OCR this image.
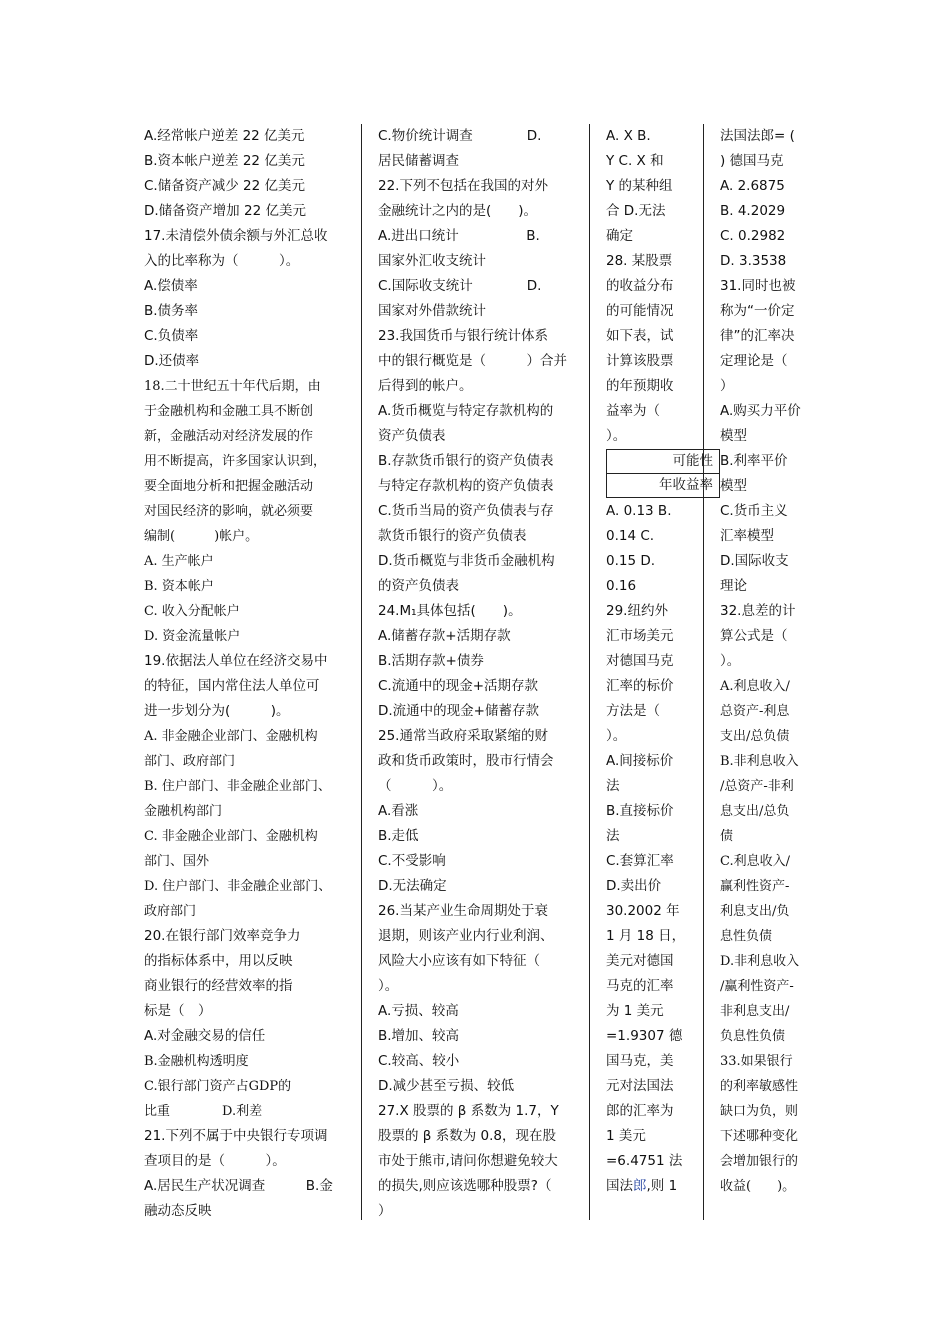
A.经常帐户逆差 22 亿美元
B.资本帐户逆差 22 亿美元
C.储备资产减少 22 亿美元
D.储备资产增加 22 亿美元
17.未清偿外债余额与外汇总收
入的比率称为（　　　）。
A.偿债率
B.债务率
C.负债率
D.还债率
18.二十世纪五十年代后期，由
于金融机构和金融工具不断创
新，金融活动对经济发展的作
用不断提高，许多国家认识到，
要全面地分析和把握金融活动
对国民经济的影响，就必须要
编制(　　　)帐户。
A. 生产帐户
B. 资本帐户
C. 收入分配帐户
D. 资金流量帐户
19.依据法人单位在经济交易中
的特征，国内常住法人单位可
进一步划分为(　　　)。
A. 非金融企业部门、金融机构
部门、政府部门
B. 住户部门、非金融企业部门、
金融机构部门
C. 非金融企业部门、金融机构
部门、国外
D. 住户部门、非金融企业部门、
政府部门
20.在银行部门效率竞争力
的指标体系中，用以反映
商业银行的经营效率的指
标是（　）
A.对金融交易的信任
B.金融机构透明度
C.银行部门资产占GDP的
比重　　　　D.利差
21.下列不属于中央银行专项调
查项目的是（　　　）。
A.居民生产状况调查　　　B.金
融动态反映
C.物价统计调查　　　　D.
居民储蓄调查
22.下列不包括在我国的对外
金融统计之内的是(　　)。
A.进出口统计　　　　　B.
国家外汇收支统计
C.国际收支统计　　　　D.
国家对外借款统计
23.我国货币与银行统计体系
中的银行概览是（　　　）合并
后得到的帐户。
A.货币概览与特定存款机构的
资产负债表
B.存款货币银行的资产负债表
与特定存款机构的资产负债表
C.货币当局的资产负债表与存
款货币银行的资产负债表
D.货币概览与非货币金融机构
的资产负债表
24.M₁具体包括(　　)。
A.储蓄存款+活期存款
B.活期存款+债券
C.流通中的现金+活期存款
D.流通中的现金+储蓄存款
25.通常当政府采取紧缩的财
政和货币政策时，股市行情会
（　　　）。
A.看涨
B.走低
C.不受影响
D.无法确定
26.当某产业生命周期处于衰
退期，则该产业内行业利润、
风险大小应该有如下特征（
）。
A.亏损、较高
B.增加、较高
C.较高、较小
D.减少甚至亏损、较低
27.X 股票的 β 系数为 1.7，Y
股票的 β 系数为 0.8，现在股
市处于熊市,请问你想避免较大
的损失,则应该选哪种股票?（
）
A. X B.
Y C. X 和
Y 的某种组
合 D.无法
确定
28. 某股票
的收益分布
的可能情况
如下表，试
计算该股票
的年预期收
益率为（
）。
A. 0.13 B.
0.14 C.
0.15 D.
0.16
29.纽约外
汇市场美元
对德国马克
汇率的标价
方法是（
）。
A.间接标价
法
B.直接标价
法
C.套算汇率
D.卖出价
30.2002 年
1 月 18 日，
美元对德国
马克的汇率
为 1 美元
=1.9307 德
国马克，美
元对法国法
郎的汇率为
1 美元
=6.4751 法
国法郎,则 1
法国法郎= (
) 德国马克
A. 2.6875
B. 4.2029
C. 0.2982
D. 3.3538
31.同时也被
称为“一价定
律”的汇率决
定理论是（
）
A.购买力平价
模型
B.利率平价
模型
C.货币主义
汇率模型
D.国际收支
理论
32.息差的计
算公式是（
）。
A.利息收入/
总资产-利息
支出/总负债
B.非利息收入
/总资产-非利
息支出/总负
债
C.利息收入/
赢利性资产-
利息支出/负
息性负债
D.非利息收入
/赢利性资产-
非利息支出/
负息性负债
33.如果银行
的利率敏感性
缺口为负，则
下述哪种变化
会增加银行的
收益(　　)。
可能性
年收益率
